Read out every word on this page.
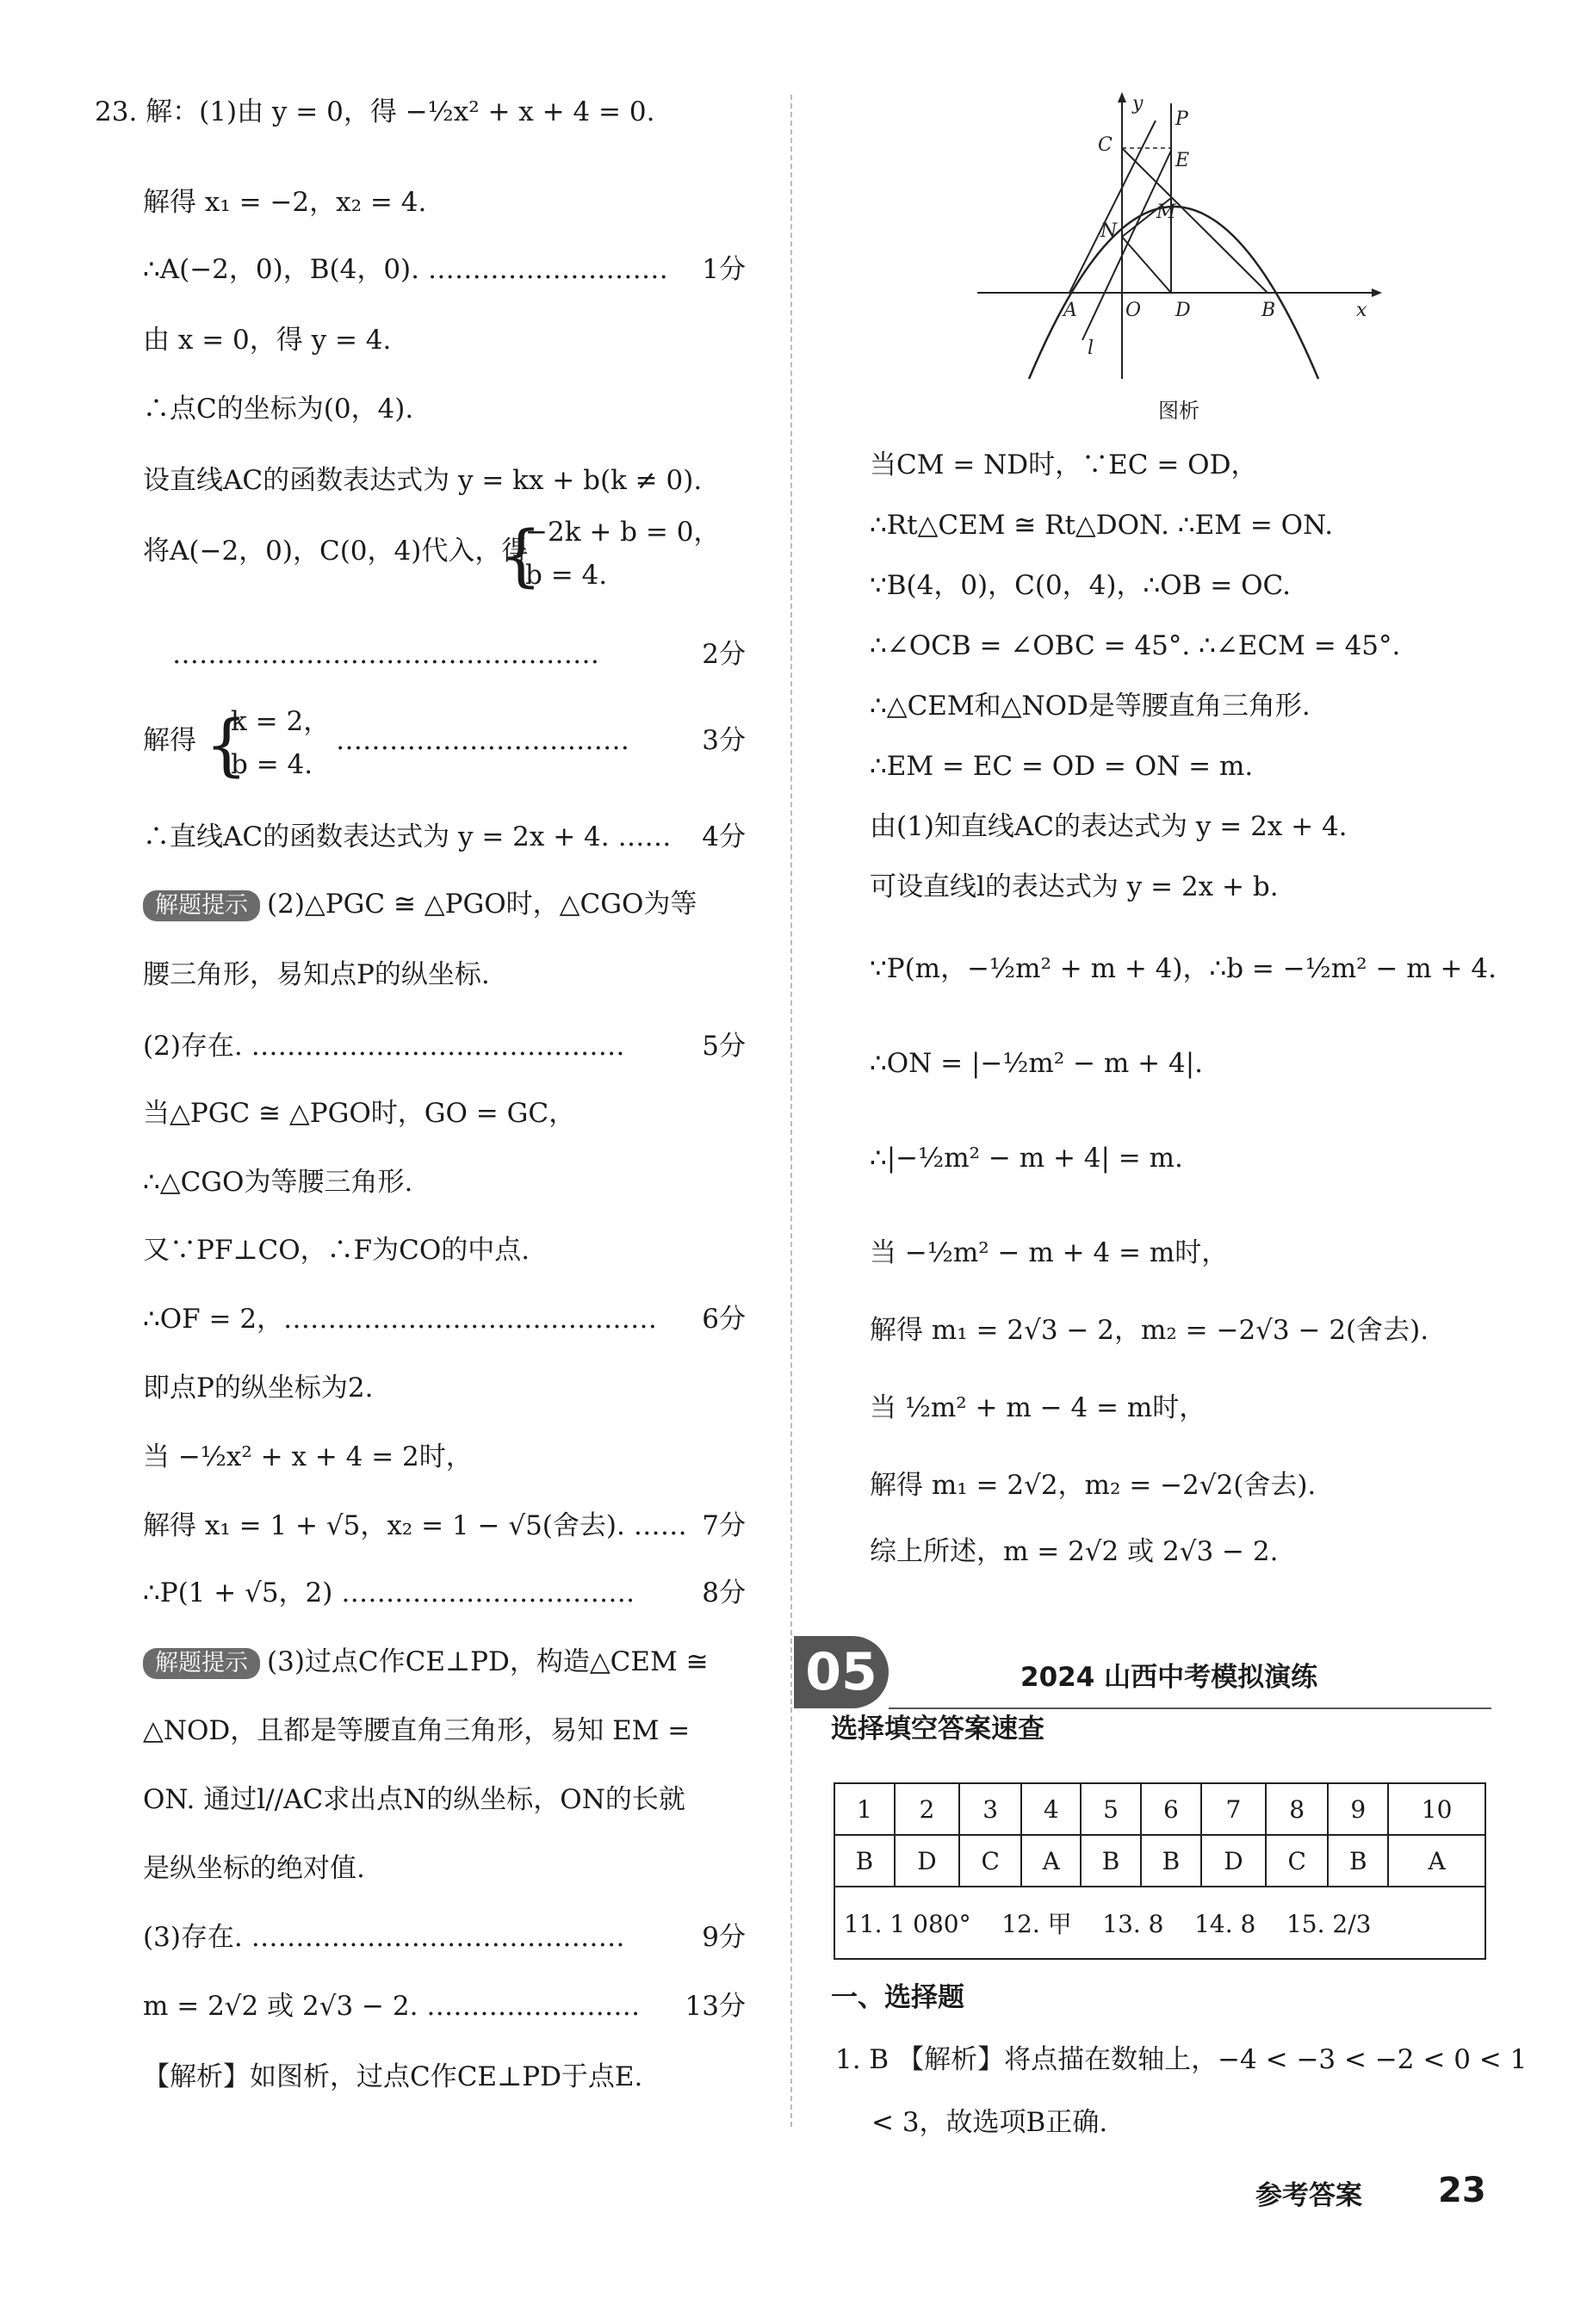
23. 解：(1)由 y = 0，得 −½x² + x + 4 = 0.
解得 x₁ = −2，x₂ = 4.
∴A(−2，0)，B(4，0). ……………………… 1分
由 x = 0，得 y = 4.
∴点C的坐标为(0，4).
设直线AC的函数表达式为 y = kx + b(k ≠ 0).
将A(−2，0)，C(0，4)代入，得
{
−2k + b = 0，
b = 4.
…………………………………………	2分
解得 {
k = 2，
b = 4.
……………………………	3分
∴直线AC的函数表达式为 y = 2x + 4. …… 4分
解题提示 (2)△PGC ≅ △PGO时，△CGO为等
腰三角形，易知点P的纵坐标.
(2)存在. ……………………………………	5分
当△PGC ≅ △PGO时，GO = GC，
∴△CGO为等腰三角形.
又∵PF⊥CO，∴F为CO的中点.
∴OF = 2，…………………………………… 6分
即点P的纵坐标为2.
当 −½x² + x + 4 = 2时，
解得 x₁ = 1 + √5，x₂ = 1 − √5(舍去). …… 7分
∴P(1 + √5，2) ……………………………	8分
解题提示 (3)过点C作CE⊥PD，构造△CEM ≅
△NOD，且都是等腰直角三角形，易知 EM =
ON. 通过l//AC求出点N的纵坐标，ON的长就
是纵坐标的绝对值.
(3)存在. ……………………………………	9分
m = 2√2 或 2√3 − 2. …………………… 13分
【解析】如图析，过点C作CE⊥PD于点E.
y
P
C
E
M
N
A	O D	B	x
l
图析
当CM = ND时，∵EC = OD，
∴Rt△CEM ≅ Rt△DON. ∴EM = ON.
∵B(4，0)，C(0，4)，∴OB = OC.
∴∠OCB = ∠OBC = 45°. ∴∠ECM = 45°.
∴△CEM和△NOD是等腰直角三角形.
∴EM = EC = OD = ON = m.
由(1)知直线AC的表达式为 y = 2x + 4.
可设直线l的表达式为 y = 2x + b.
∵P(m，−½m² + m + 4)，∴b = −½m² − m + 4.
∴ON = |−½m² − m + 4|.
∴|−½m² − m + 4| = m.
当 −½m² − m + 4 = m时，
解得 m₁ = 2√3 − 2，m₂ = −2√3 − 2(舍去).
当 ½m² + m − 4 = m时，
解得 m₁ = 2√2，m₂ = −2√2(舍去).
综上所述，m = 2√2 或 2√3 − 2.
05	2024 山西中考模拟演练
选择填空答案速查
1	2	3	4	5	6	7	8	9	10
B	D	C	A	B	B	D	C	B	A
11. 1 080° 12. 甲 13. 8 14. 8 15. 2/3									
一、选择题
1. B 【解析】将点描在数轴上，−4 < −3 < −2 < 0 < 1
< 3，故选项B正确.
参考答案 23
